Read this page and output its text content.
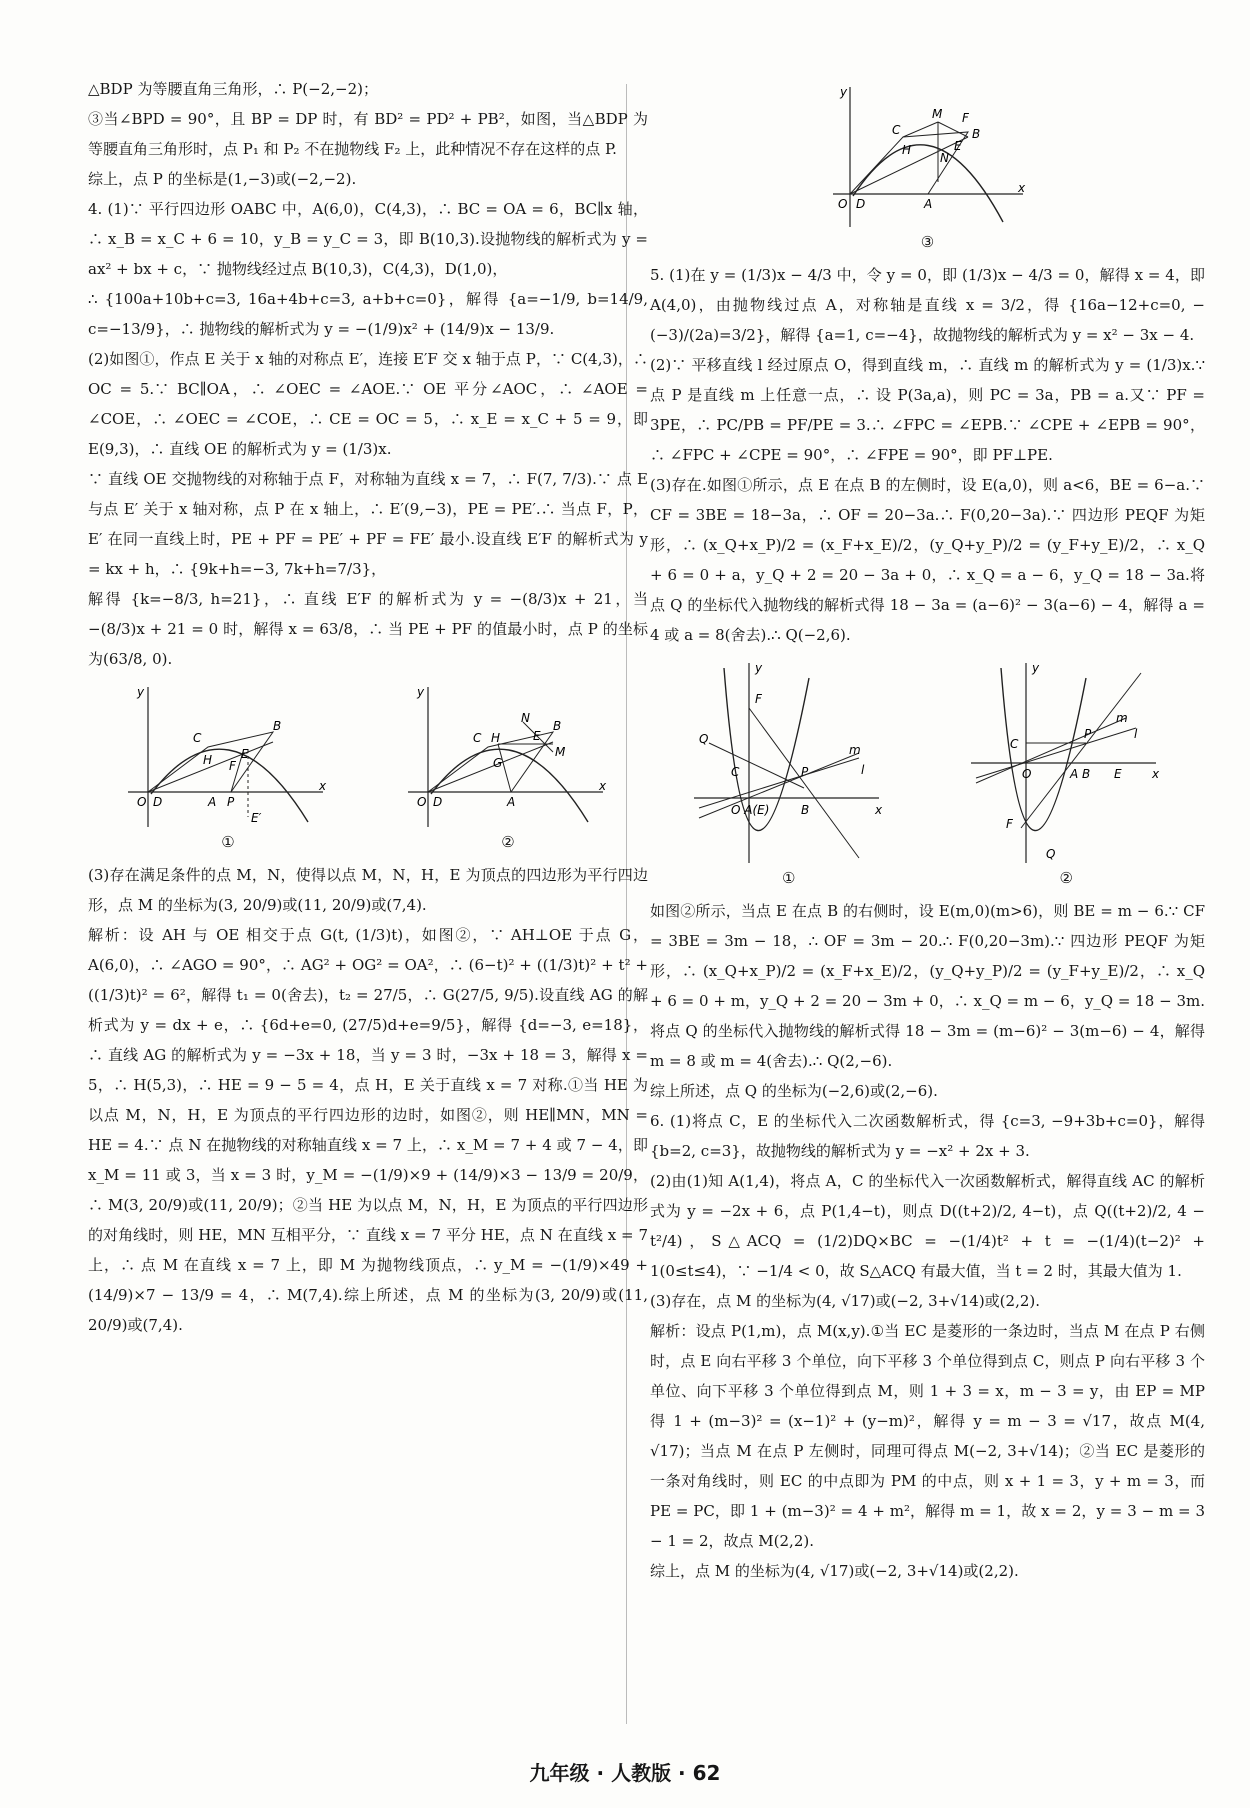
△BDP 为等腰直角三角形，∴ P(−2,−2)；

③当∠BPD = 90°，且 BP = DP 时，有 BD² = PD² + PB²，如图，当△BDP 为等腰直角三角形时，点 P₁ 和 P₂ 不在抛物线 F₂ 上，此种情况不存在这样的点 P.

综上，点 P 的坐标是(1,−3)或(−2,−2).

4. (1)∵ 平行四边形 OABC 中，A(6,0)，C(4,3)，∴ BC = OA = 6，BC∥x 轴，∴ x_B = x_C + 6 = 10，y_B = y_C = 3，即 B(10,3).设抛物线的解析式为 y = ax² + bx + c，∵ 抛物线经过点 B(10,3)，C(4,3)，D(1,0)，

∴ {100a+10b+c=3, 16a+4b+c=3, a+b+c=0}，解得 {a=−1/9, b=14/9, c=−13/9}，∴ 抛物线的解析式为 y = −(1/9)x² + (14/9)x − 13/9.

(2)如图①，作点 E 关于 x 轴的对称点 E′，连接 E′F 交 x 轴于点 P，∵ C(4,3)，∴ OC = 5.∵ BC∥OA，∴ ∠OEC = ∠AOE.∵ OE 平分∠AOC，∴ ∠AOE = ∠COE，∴ ∠OEC = ∠COE，∴ CE = OC = 5，∴ x_E = x_C + 5 = 9，即 E(9,3)，∴ 直线 OE 的解析式为 y = (1/3)x.

∵ 直线 OE 交抛物线的对称轴于点 F，对称轴为直线 x = 7，∴ F(7, 7/3).∵ 点 E 与点 E′ 关于 x 轴对称，点 P 在 x 轴上，∴ E′(9,−3)，PE = PE′.∴ 当点 F，P，E′ 在同一直线上时，PE + PF = PE′ + PF = FE′ 最小.设直线 E′F 的解析式为 y = kx + h，∴ {9k+h=−3, 7k+h=7/3}，

解得 {k=−8/3, h=21}，∴ 直线 E′F 的解析式为 y = −(8/3)x + 21，当 −(8/3)x + 21 = 0 时，解得 x = 63/8，∴ 当 PE + PF 的值最小时，点 P 的坐标为(63/8, 0).

y
x
O D	A P
C
H F
E
B
E′
①
y
x
O D	A
C H
G
E
B
M
N
②

(3)存在满足条件的点 M，N，使得以点 M，N，H，E 为顶点的四边形为平行四边形，点 M 的坐标为(3, 20/9)或(11, 20/9)或(7,4).

解析：设 AH 与 OE 相交于点 G(t, (1/3)t)，如图②，∵ AH⊥OE 于点 G，A(6,0)，∴ ∠AGO = 90°，∴ AG² + OG² = OA²，∴ (6−t)² + ((1/3)t)² + t² + ((1/3)t)² = 6²，解得 t₁ = 0(舍去)，t₂ = 27/5，∴ G(27/5, 9/5).设直线 AG 的解析式为 y = dx + e，∴ {6d+e=0, (27/5)d+e=9/5}，解得 {d=−3, e=18}，∴ 直线 AG 的解析式为 y = −3x + 18，当 y = 3 时，−3x + 18 = 3，解得 x = 5，∴ H(5,3)，∴ HE = 9 − 5 = 4，点 H，E 关于直线 x = 7 对称.①当 HE 为以点 M，N，H，E 为顶点的平行四边形的边时，如图②，则 HE∥MN，MN = HE = 4.∵ 点 N 在抛物线的对称轴直线 x = 7 上，∴ x_M = 7 + 4 或 7 − 4，即 x_M = 11 或 3，当 x = 3 时，y_M = −(1/9)×9 + (14/9)×3 − 13/9 = 20/9，∴ M(3, 20/9)或(11, 20/9)；②当 HE 为以点 M，N，H，E 为顶点的平行四边形的对角线时，则 HE，MN 互相平分，∵ 直线 x = 7 平分 HE，点 N 在直线 x = 7 上，∴ 点 M 在直线 x = 7 上，即 M 为抛物线顶点，∴ y_M = −(1/9)×49 + (14/9)×7 − 13/9 = 4，∴ M(7,4).综上所述，点 M 的坐标为(3, 20/9)或(11, 20/9)或(7,4).

y
x
O D	A
C
H
M F
B
N
E
③

5. (1)在 y = (1/3)x − 4/3 中，令 y = 0，即 (1/3)x − 4/3 = 0，解得 x = 4，即 A(4,0)，由抛物线过点 A，对称轴是直线 x = 3/2，得 {16a−12+c=0, −(−3)/(2a)=3/2}，解得 {a=1, c=−4}，故抛物线的解析式为 y = x² − 3x − 4.

(2)∵ 平移直线 l 经过原点 O，得到直线 m，∴ 直线 m 的解析式为 y = (1/3)x.∵ 点 P 是直线 m 上任意一点，∴ 设 P(3a,a)，则 PC = 3a，PB = a.又∵ PF = 3PE，∴ PC/PB = PF/PE = 3.∴ ∠FPC = ∠EPB.∵ ∠CPE + ∠EPB = 90°，∴ ∠FPC + ∠CPE = 90°，∴ ∠FPE = 90°，即 PF⊥PE.

(3)存在.如图①所示，点 E 在点 B 的左侧时，设 E(a,0)，则 a<6，BE = 6−a.∵ CF = 3BE = 18−3a，∴ OF = 20−3a.∴ F(0,20−3a).∵ 四边形 PEQF 为矩形，∴ (x_Q+x_P)/2 = (x_F+x_E)/2，(y_Q+y_P)/2 = (y_F+y_E)/2，∴ x_Q + 6 = 0 + a，y_Q + 2 = 20 − 3a + 0，∴ x_Q = a − 6，y_Q = 18 − 3a.将点 Q 的坐标代入抛物线的解析式得 18 − 3a = (a−6)² − 3(a−6) − 4，解得 a = 4 或 a = 8(舍去).∴ Q(−2,6).

y
x
F
Q
C	P
m
l
O A(E)	B
①
y
x
C
P
m
l
O	A B E
F
Q
②

如图②所示，当点 E 在点 B 的右侧时，设 E(m,0)(m>6)，则 BE = m − 6.∵ CF = 3BE = 3m − 18，∴ OF = 3m − 20.∴ F(0,20−3m).∵ 四边形 PEQF 为矩形，∴ (x_Q+x_P)/2 = (x_F+x_E)/2，(y_Q+y_P)/2 = (y_F+y_E)/2，∴ x_Q + 6 = 0 + m，y_Q + 2 = 20 − 3m + 0，∴ x_Q = m − 6，y_Q = 18 − 3m.将点 Q 的坐标代入抛物线的解析式得 18 − 3m = (m−6)² − 3(m−6) − 4，解得 m = 8 或 m = 4(舍去).∴ Q(2,−6).

综上所述，点 Q 的坐标为(−2,6)或(2,−6).

6. (1)将点 C，E 的坐标代入二次函数解析式，得 {c=3, −9+3b+c=0}，解得 {b=2, c=3}，故抛物线的解析式为 y = −x² + 2x + 3.

(2)由(1)知 A(1,4)，将点 A，C 的坐标代入一次函数解析式，解得直线 AC 的解析式为 y = −2x + 6，点 P(1,4−t)，则点 D((t+2)/2, 4−t)，点 Q((t+2)/2, 4 − t²/4)，S△ACQ = (1/2)DQ×BC = −(1/4)t² + t = −(1/4)(t−2)² + 1(0≤t≤4)，∵ −1/4 < 0，故 S△ACQ 有最大值，当 t = 2 时，其最大值为 1.

(3)存在，点 M 的坐标为(4, √17)或(−2, 3+√14)或(2,2).

解析：设点 P(1,m)，点 M(x,y).①当 EC 是菱形的一条边时，当点 M 在点 P 右侧时，点 E 向右平移 3 个单位，向下平移 3 个单位得到点 C，则点 P 向右平移 3 个单位、向下平移 3 个单位得到点 M，则 1 + 3 = x，m − 3 = y，由 EP = MP 得 1 + (m−3)² = (x−1)² + (y−m)²，解得 y = m − 3 = √17，故点 M(4, √17)；当点 M 在点 P 左侧时，同理可得点 M(−2, 3+√14)；②当 EC 是菱形的一条对角线时，则 EC 的中点即为 PM 的中点，则 x + 1 = 3，y + m = 3，而 PE = PC，即 1 + (m−3)² = 4 + m²，解得 m = 1，故 x = 2，y = 3 − m = 3 − 1 = 2，故点 M(2,2).

综上，点 M 的坐标为(4, √17)或(−2, 3+√14)或(2,2).

九年级 · 人教版 · 62
